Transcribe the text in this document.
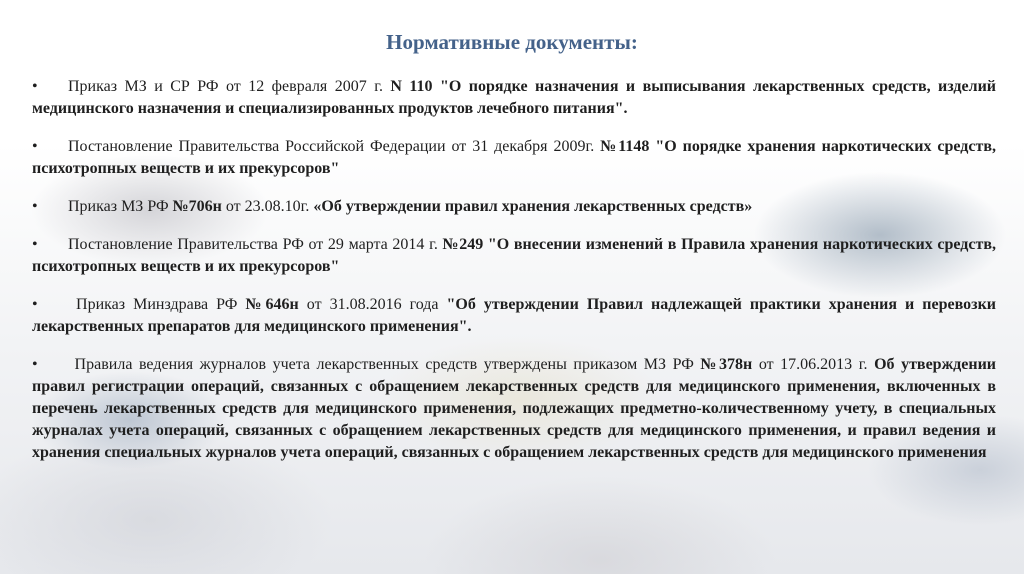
Нормативные документы:
• Приказ МЗ и СР РФ от 12 февраля 2007 г. N 110 "О порядке назначения и выписывания лекарственных средств, изделий медицинского назначения и специализированных продуктов лечебного питания".
• Постановление Правительства Российской Федерации от 31 декабря 2009г. №1148 "О порядке хранения наркотических средств, психотропных веществ и их прекурсоров"
• Приказ МЗ РФ №706н от 23.08.10г. «Об утверждении правил хранения лекарственных средств»
• Постановление Правительства РФ от 29 марта 2014 г. №249 "О внесении изменений в Правила хранения наркотических средств, психотропных веществ и их прекурсоров"
• Приказ Минздрава РФ №646н от 31.08.2016 года "Об утверждении Правил надлежащей практики хранения и перевозки лекарственных препаратов для медицинского применения".
• Правила ведения журналов учета лекарственных средств утверждены приказом МЗ РФ №378н от 17.06.2013 г. Об утверждении правил регистрации операций, связанных с обращением лекарственных средств для медицинского применения, включенных в перечень лекарственных средств для медицинского применения, подлежащих предметно-количественному учету, в специальных журналах учета операций, связанных с обращением лекарственных средств для медицинского применения, и правил ведения и хранения специальных журналов учета операций, связанных с обращением лекарственных средств для медицинского применения
